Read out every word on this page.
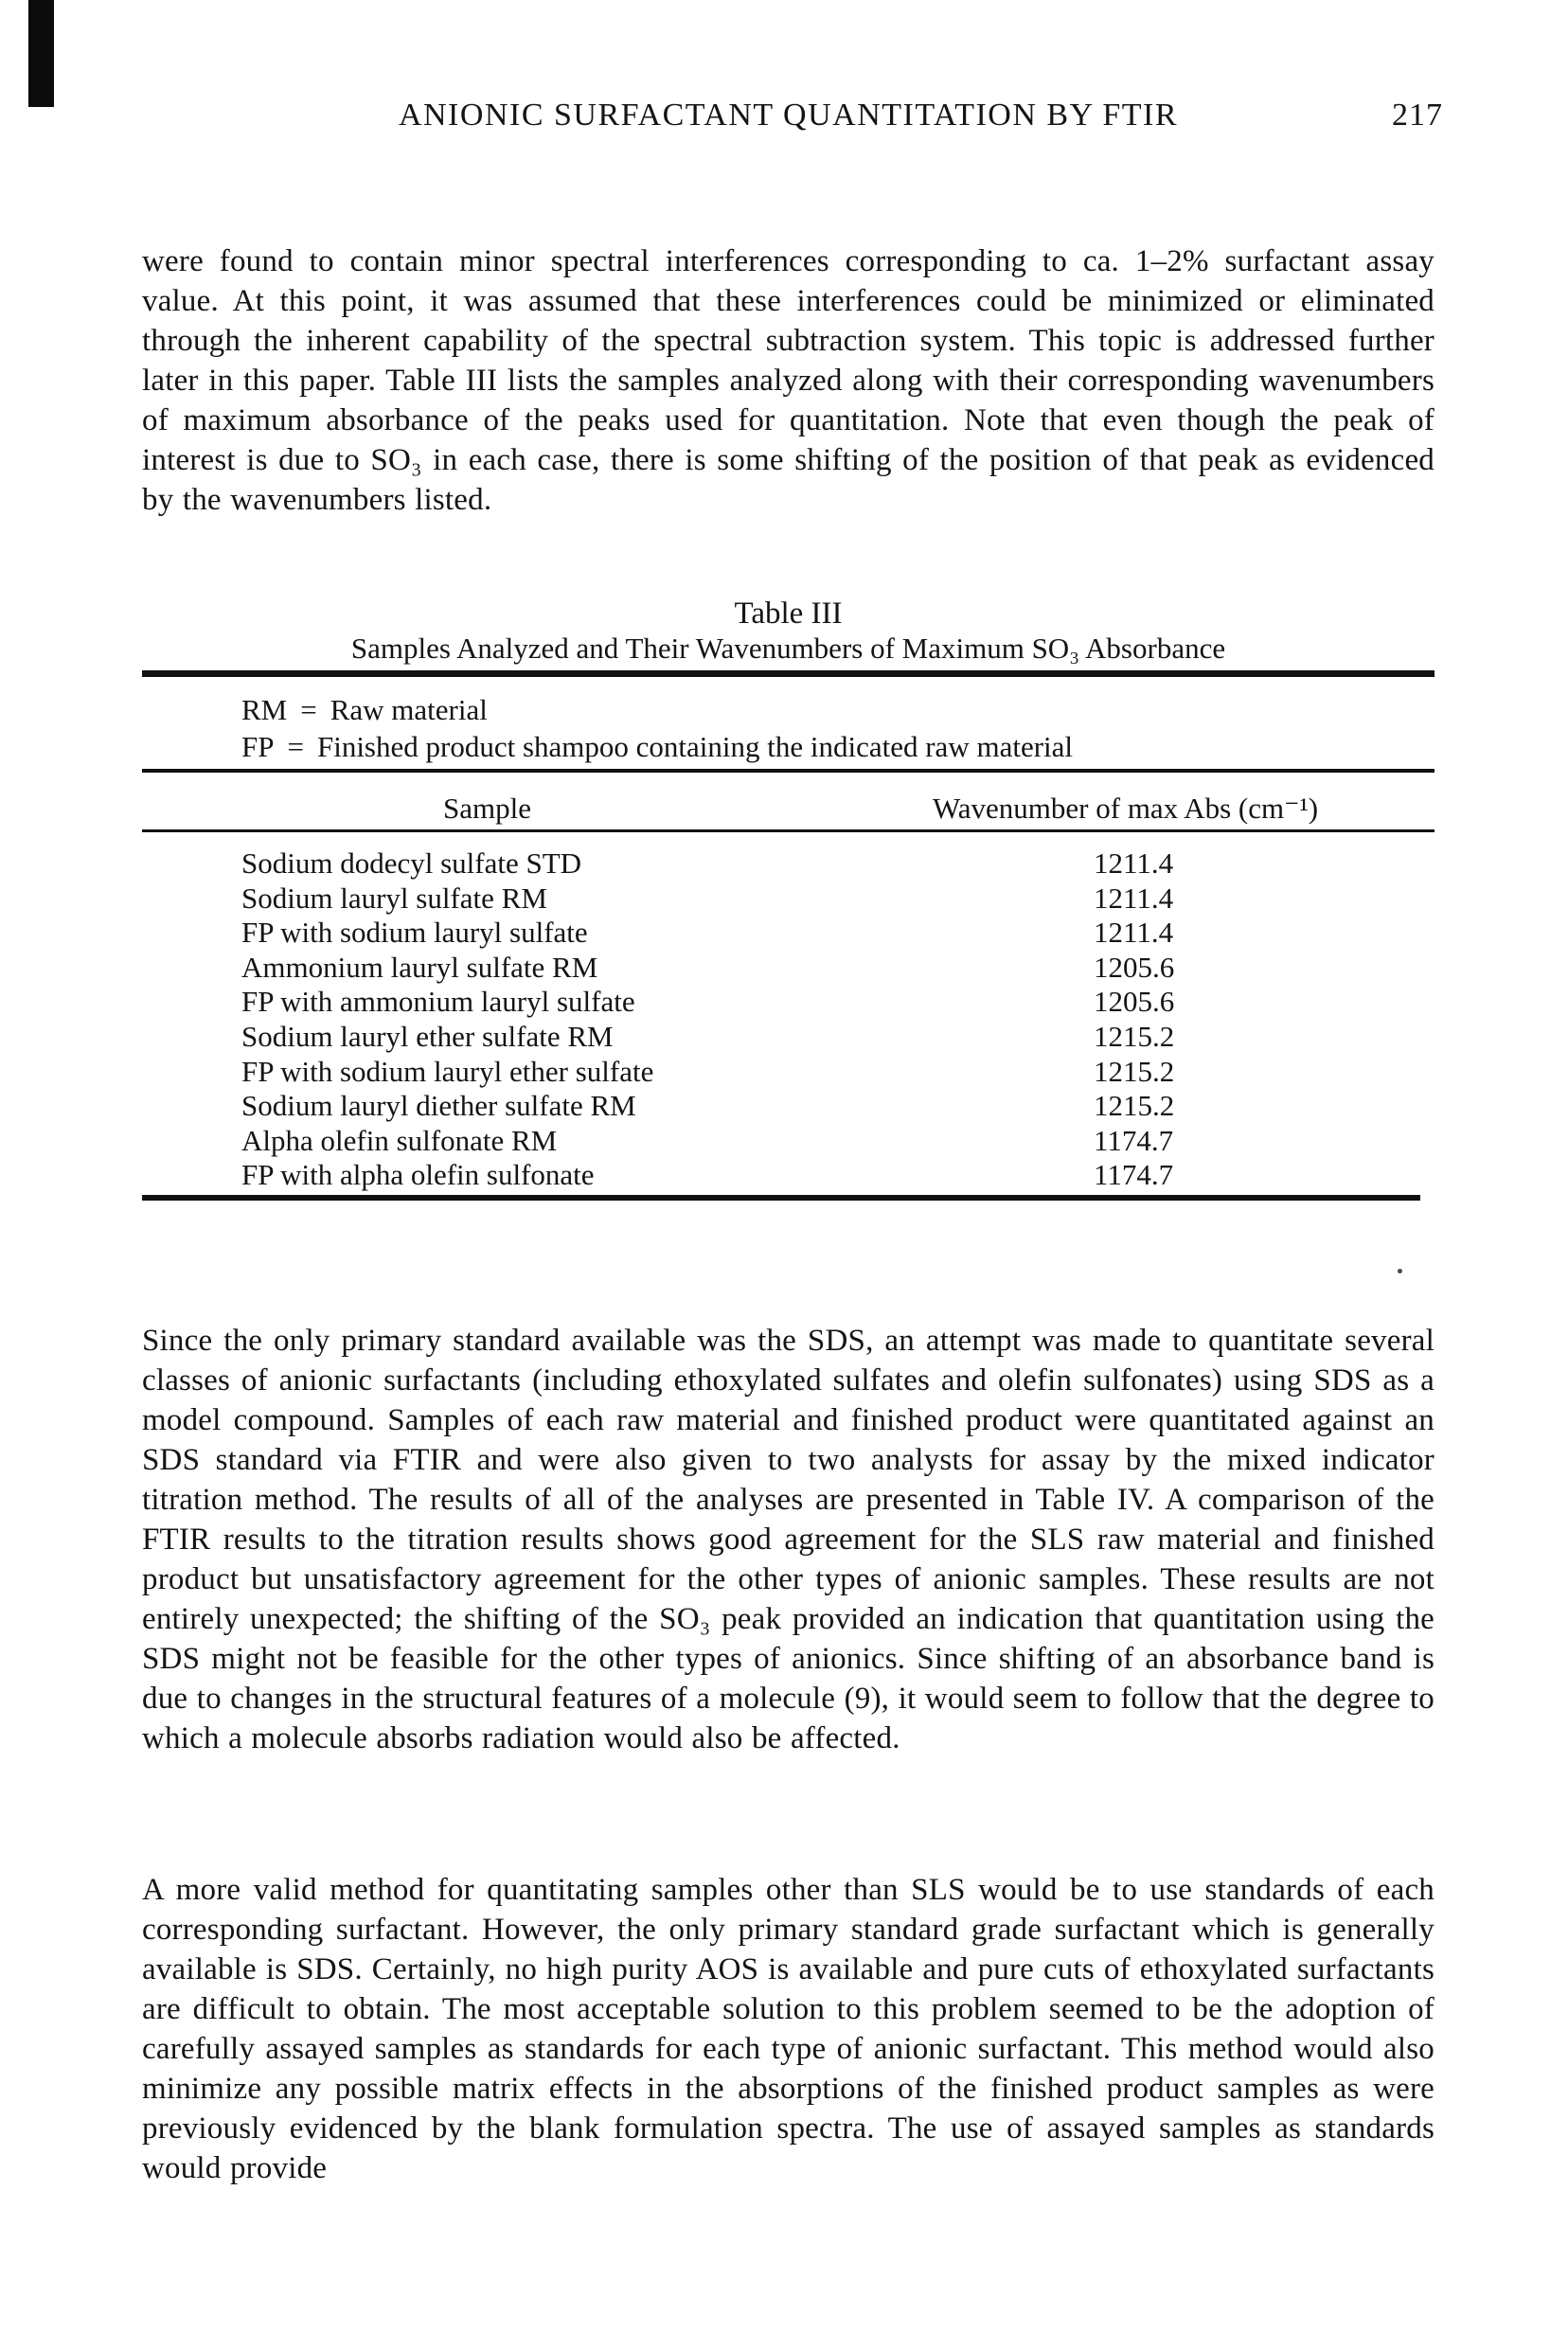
ANIONIC SURFACTANT QUANTITATION BY FTIR	217

were found to contain minor spectral interferences corresponding to ca. 1–2% surfactant assay value. At this point, it was assumed that these interferences could be minimized or eliminated through the inherent capability of the spectral subtraction system. This topic is addressed further later in this paper. Table III lists the samples analyzed along with their corresponding wavenumbers of maximum absorbance of the peaks used for quantitation. Note that even though the peak of interest is due to SO₃ in each case, there is some shifting of the position of that peak as evidenced by the wavenumbers listed.

Table III
Samples Analyzed and Their Wavenumbers of Maximum SO₃ Absorbance
RM = Raw material
FP = Finished product shampoo containing the indicated raw material
Sample	Wavenumber of max Abs (cm⁻¹)
Sodium dodecyl sulfate STD	1211.4
Sodium lauryl sulfate RM	1211.4
FP with sodium lauryl sulfate	1211.4
Ammonium lauryl sulfate RM	1205.6
FP with ammonium lauryl sulfate	1205.6
Sodium lauryl ether sulfate RM	1215.2
FP with sodium lauryl ether sulfate	1215.2
Sodium lauryl diether sulfate RM	1215.2
Alpha olefin sulfonate RM	1174.7
FP with alpha olefin sulfonate	1174.7

Since the only primary standard available was the SDS, an attempt was made to quantitate several classes of anionic surfactants (including ethoxylated sulfates and olefin sulfonates) using SDS as a model compound. Samples of each raw material and finished product were quantitated against an SDS standard via FTIR and were also given to two analysts for assay by the mixed indicator titration method. The results of all of the analyses are presented in Table IV. A comparison of the FTIR results to the titration results shows good agreement for the SLS raw material and finished product but unsatisfactory agreement for the other types of anionic samples. These results are not entirely unexpected; the shifting of the SO₃ peak provided an indication that quantitation using the SDS might not be feasible for the other types of anionics. Since shifting of an absorbance band is due to changes in the structural features of a molecule (9), it would seem to follow that the degree to which a molecule absorbs radiation would also be affected.

A more valid method for quantitating samples other than SLS would be to use standards of each corresponding surfactant. However, the only primary standard grade surfactant which is generally available is SDS. Certainly, no high purity AOS is available and pure cuts of ethoxylated surfactants are difficult to obtain. The most acceptable solution to this problem seemed to be the adoption of carefully assayed samples as standards for each type of anionic surfactant. This method would also minimize any possible matrix effects in the absorptions of the finished product samples as were previously evidenced by the blank formulation spectra. The use of assayed samples as standards would provide
